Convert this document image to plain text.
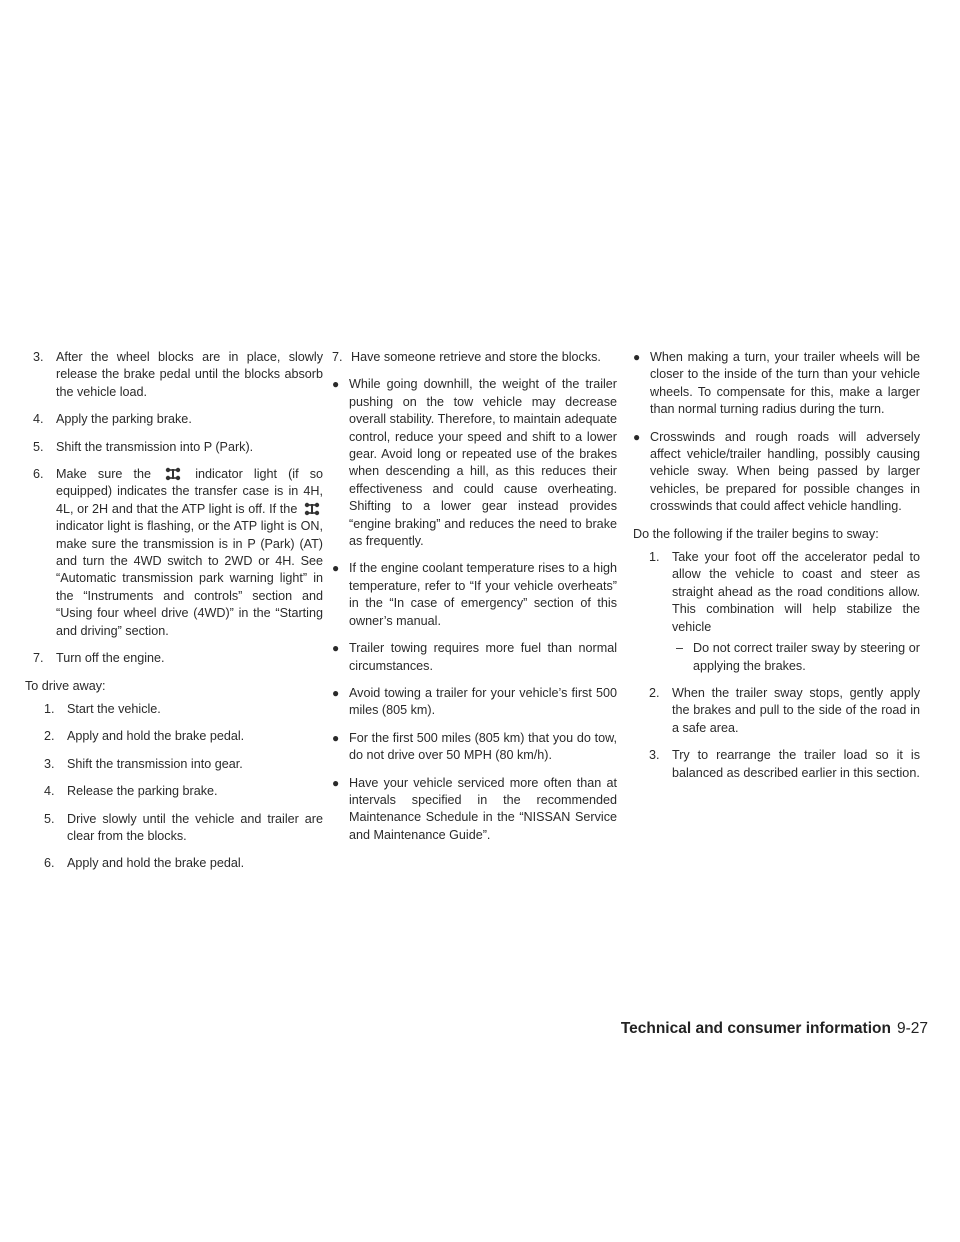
3. After the wheel blocks are in place, slowly release the brake pedal until the blocks absorb the vehicle load.
4. Apply the parking brake.
5. Shift the transmission into P (Park).
6. Make sure the	indicator light (if so equipped) indicates the transfer case is in 4H, 4L, or 2H and that the ATP light is off. If the
indicator light is flashing, or the ATP light is ON, make sure the transmission is in P (Park) (AT) and turn the 4WD switch to 2WD or 4H. See “Automatic transmission park warning light” in the “Instruments and controls” section and “Using four wheel drive (4WD)” in the “Starting and driving” section.
7. Turn off the engine.
To drive away:
1. Start the vehicle.
2. Apply and hold the brake pedal.
3. Shift the transmission into gear.
4. Release the parking brake.
5. Drive slowly until the vehicle and trailer are clear from the blocks.
6. Apply and hold the brake pedal.
7. Have someone retrieve and store the blocks.
● While going downhill, the weight of the trailer pushing on the tow vehicle may decrease overall stability. Therefore, to maintain adequate control, reduce your speed and shift to a lower gear. Avoid long or repeated use of the brakes when descending a hill, as this reduces their effectiveness and could cause overheating. Shifting to a lower gear instead provides “engine braking” and reduces the need to brake as frequently.
● If the engine coolant temperature rises to a high temperature, refer to “If your vehicle overheats” in the “In case of emergency” section of this owner’s manual.
● Trailer towing requires more fuel than normal circumstances.
● Avoid towing a trailer for your vehicle’s first 500 miles (805 km).
● For the first 500 miles (805 km) that you do tow, do not drive over 50 MPH (80 km/h).
● Have your vehicle serviced more often than at intervals specified in the recommended Maintenance Schedule in the “NISSAN Service and Maintenance Guide”.
● When making a turn, your trailer wheels will be closer to the inside of the turn than your vehicle wheels. To compensate for this, make a larger than normal turning radius during the turn.
● Crosswinds and rough roads will adversely affect vehicle/trailer handling, possibly causing vehicle sway. When being passed by larger vehicles, be prepared for possible changes in crosswinds that could affect vehicle handling.
Do the following if the trailer begins to sway:
1. Take your foot off the accelerator pedal to allow the vehicle to coast and steer as straight ahead as the road conditions allow. This combination will help stabilize the vehicle
– Do not correct trailer sway by steering or applying the brakes.
2. When the trailer sway stops, gently apply the brakes and pull to the side of the road in a safe area.
3. Try to rearrange the trailer load so it is balanced as described earlier in this section.
Technical and consumer information 9-27
